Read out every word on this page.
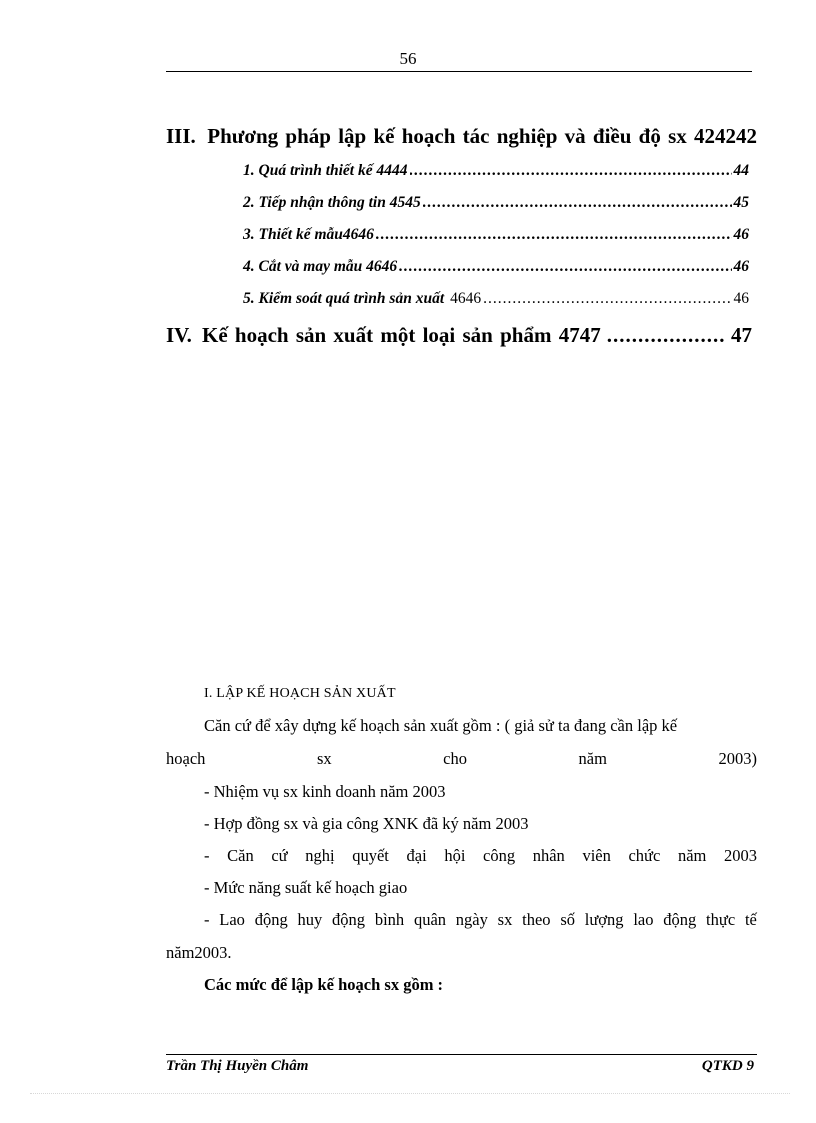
56
III. Phương pháp lập kế hoạch tác nghiệp và điều độ sx 424242
1. Quá trình thiết kế 4444 .....	44
2. Tiếp nhận thông tin 4545 .....	45
3. Thiết kế mẫu4646 .....	46
4. Cắt và may mẫu 4646 .....	46
5. Kiểm soát quá trình sản xuất 4646 .....	46
IV. Kế hoạch sản xuất một loại sản phẩm 4747 .....	47
I. LẬP KẾ HOẠCH SẢN XUẤT
Căn cứ để xây dựng kế hoạch sản xuất gồm : ( giả sử ta đang cần lập kế
hoạch	sx	cho	năm	2003)
- Nhiệm vụ sx kinh doanh năm 2003
- Hợp đồng sx và gia công XNK đã ký năm 2003
- Căn cứ nghị quyết đại hội công nhân viên chức năm 2003
- Mức năng suất kế hoạch giao
- Lao động huy động bình quân ngày sx theo số lượng lao động thực tế
năm2003.
Các mức để lập kế hoạch sx gồm :
Trần Thị Huyền Châm	QTKD 9
